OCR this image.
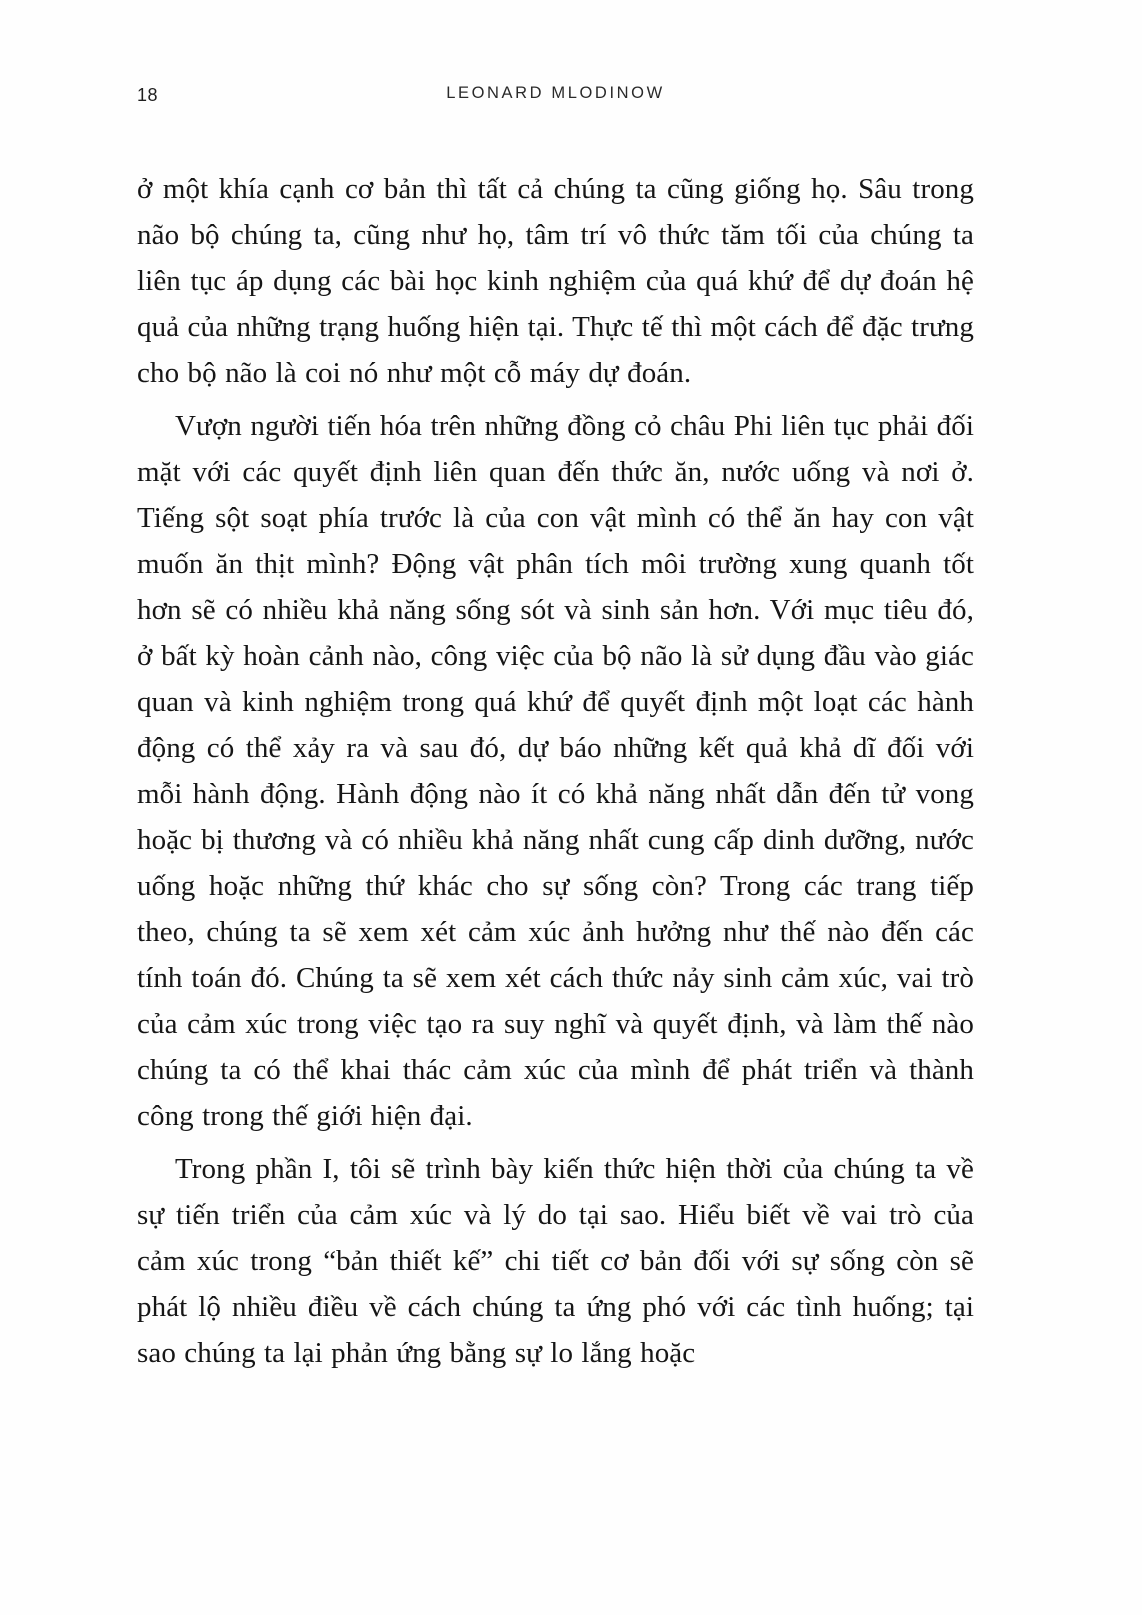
18	LEONARD MLODINOW

ở một khía cạnh cơ bản thì tất cả chúng ta cũng giống họ. Sâu trong não bộ chúng ta, cũng như họ, tâm trí vô thức tăm tối của chúng ta liên tục áp dụng các bài học kinh nghiệm của quá khứ để dự đoán hệ quả của những trạng huống hiện tại. Thực tế thì một cách để đặc trưng cho bộ não là coi nó như một cỗ máy dự đoán.

Vượn người tiến hóa trên những đồng cỏ châu Phi liên tục phải đối mặt với các quyết định liên quan đến thức ăn, nước uống và nơi ở. Tiếng sột soạt phía trước là của con vật mình có thể ăn hay con vật muốn ăn thịt mình? Động vật phân tích môi trường xung quanh tốt hơn sẽ có nhiều khả năng sống sót và sinh sản hơn. Với mục tiêu đó, ở bất kỳ hoàn cảnh nào, công việc của bộ não là sử dụng đầu vào giác quan và kinh nghiệm trong quá khứ để quyết định một loạt các hành động có thể xảy ra và sau đó, dự báo những kết quả khả dĩ đối với mỗi hành động. Hành động nào ít có khả năng nhất dẫn đến tử vong hoặc bị thương và có nhiều khả năng nhất cung cấp dinh dưỡng, nước uống hoặc những thứ khác cho sự sống còn? Trong các trang tiếp theo, chúng ta sẽ xem xét cảm xúc ảnh hưởng như thế nào đến các tính toán đó. Chúng ta sẽ xem xét cách thức nảy sinh cảm xúc, vai trò của cảm xúc trong việc tạo ra suy nghĩ và quyết định, và làm thế nào chúng ta có thể khai thác cảm xúc của mình để phát triển và thành công trong thế giới hiện đại.

Trong phần I, tôi sẽ trình bày kiến thức hiện thời của chúng ta về sự tiến triển của cảm xúc và lý do tại sao. Hiểu biết về vai trò của cảm xúc trong “bản thiết kế” chi tiết cơ bản đối với sự sống còn sẽ phát lộ nhiều điều về cách chúng ta ứng phó với các tình huống; tại sao chúng ta lại phản ứng bằng sự lo lắng hoặc
